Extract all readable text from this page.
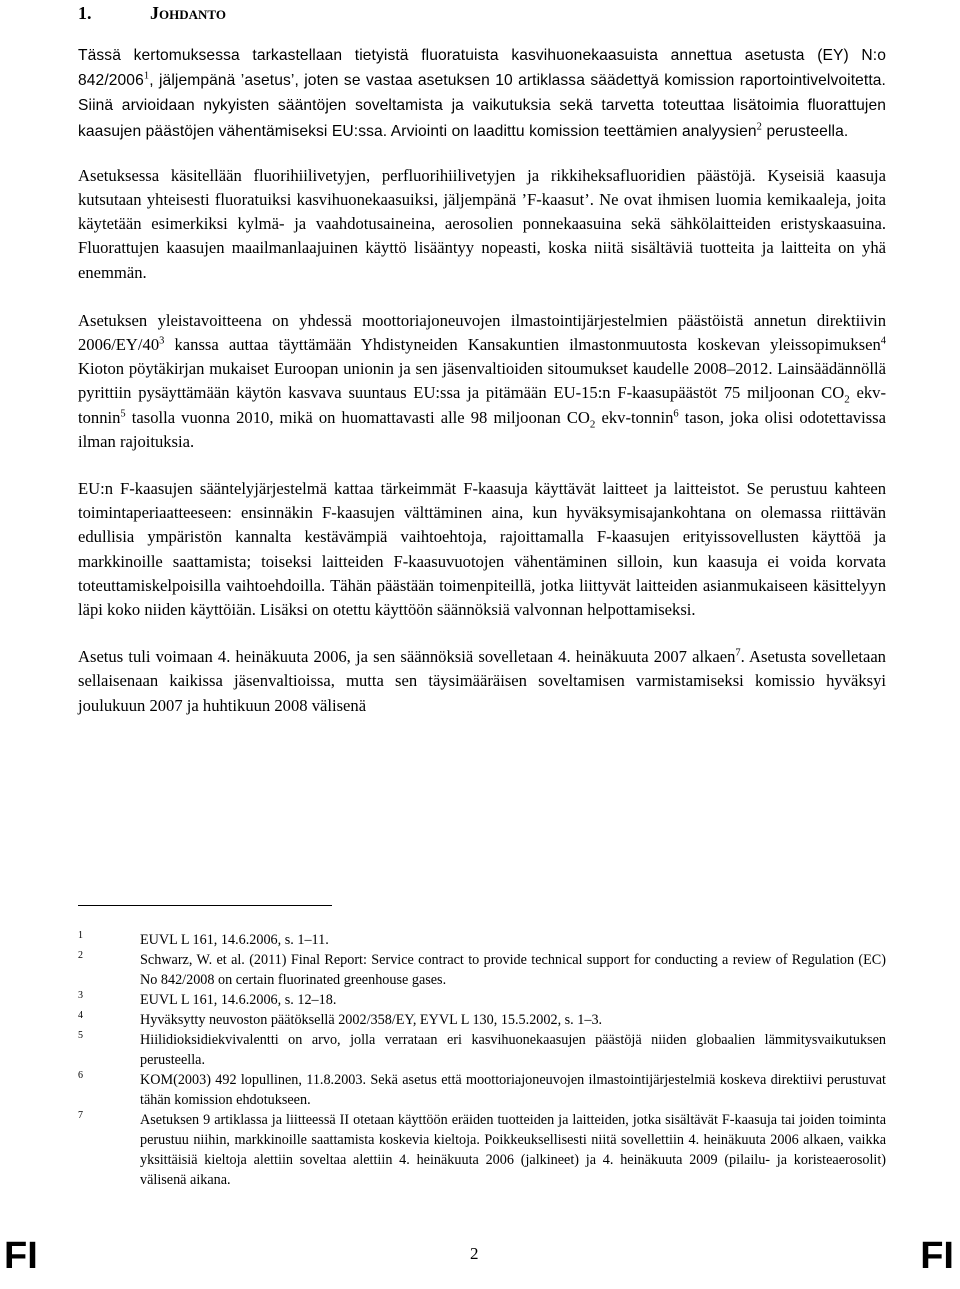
1.	Johdanto

Tässä kertomuksessa tarkastellaan tietyistä fluoratuista kasvihuonekaasuista annettua asetusta (EY) N:o 842/2006$^1$, jäljempänä ’asetus’, joten se vastaa asetuksen 10 artiklassa säädettyä komission raportointivelvoitetta. Siinä arvioidaan nykyisten sääntöjen soveltamista ja vaikutuksia sekä tarvetta toteuttaa lisätoimia fluorattujen kaasujen päästöjen vähentämiseksi EU:ssa. Arviointi on laadittu komission teettämien analyysien$^2$ perusteella.

Asetuksessa käsitellään fluorihiilivetyjen, perfluorihiilivetyjen ja rikkiheksafluoridien päästöjä. Kyseisiä kaasuja kutsutaan yhteisesti fluoratuiksi kasvihuonekaasuiksi, jäljempänä ’F-kaasut’. Ne ovat ihmisen luomia kemikaaleja, joita käytetään esimerkiksi kylmä- ja vaahdotusaineina, aerosolien ponnekaasuina sekä sähkölaitteiden eristyskaasuina. Fluorattujen kaasujen maailmanlaajuinen käyttö lisääntyy nopeasti, koska niitä sisältäviä tuotteita ja laitteita on yhä enemmän.

Asetuksen yleistavoitteena on yhdessä moottoriajoneuvojen ilmastointijärjestelmien päästöistä annetun direktiivin $2006/EY/40^3$ kanssa auttaa täyttämään Yhdistyneiden Kansakuntien ilmastonmuutosta koskevan yleissopimuksen$^4$ Kioton pöytäkirjan mukaiset Euroopan unionin ja sen jäsenvaltioiden sitoumukset kaudelle 2008–2012. Lainsäädännöllä pyrittiin pysäyttämään käytön kasvava suuntaus EU:ssa ja pitämään EU-15:n F-kaasupäästöt 75 miljoonan $CO_2$ ekv-tonnin$^5$ tasolla vuonna 2010, mikä on huomattavasti alle 98 miljoonan $CO_2$ ekv-tonnin$^6$ tason, joka olisi odotettavissa ilman rajoituksia.

EU:n F-kaasujen sääntelyjärjestelmä kattaa tärkeimmät F-kaasuja käyttävät laitteet ja laitteistot. Se perustuu kahteen toimintaperiaatteeseen: ensinnäkin F-kaasujen välttäminen aina, kun hyväksymisajankohtana on olemassa riittävän edullisia ympäristön kannalta kestävämpiä vaihtoehtoja, rajoittamalla F-kaasujen erityissovellusten käyttöä ja markkinoille saattamista; toiseksi laitteiden F-kaasuvuotojen vähentäminen silloin, kun kaasuja ei voida korvata toteuttamiskelpoisilla vaihtoehdoilla. Tähän päästään toimenpiteillä, jotka liittyvät laitteiden asianmukaiseen käsittelyyn läpi koko niiden käyttöiän. Lisäksi on otettu käyttöön säännöksiä valvonnan helpottamiseksi.

Asetus tuli voimaan 4. heinäkuuta 2006, ja sen säännöksiä sovelletaan 4. heinäkuuta 2007 alkaen$^7$. Asetusta sovelletaan sellaisenaan kaikissa jäsenvaltioissa, mutta sen täysimääräisen soveltamisen varmistamiseksi komissio hyväksyi joulukuun 2007 ja huhtikuun 2008 välisenä

1	EUVL L 161, 14.6.2006, s. 1–11.
2	Schwarz, W. et al. (2011) Final Report: Service contract to provide technical support for conducting a review of Regulation (EC) No 842/2008 on certain fluorinated greenhouse gases.
3	EUVL L 161, 14.6.2006, s. 12–18.
4	Hyväksytty neuvoston päätöksellä 2002/358/EY, EYVL L 130, 15.5.2002, s. 1–3.
5	Hiilidioksidiekvivalentti on arvo, jolla verrataan eri kasvihuonekaasujen päästöjä niiden globaalien lämmitysvaikutuksen perusteella.
6	KOM(2003) 492 lopullinen, 11.8.2003. Sekä asetus että moottoriajoneuvojen ilmastointijärjestelmiä koskeva direktiivi perustuvat tähän komission ehdotukseen.
7	Asetuksen 9 artiklassa ja liitteessä II otetaan käyttöön eräiden tuotteiden ja laitteiden, jotka sisältävät F-kaasuja tai joiden toiminta perustuu niihin, markkinoille saattamista koskevia kieltoja. Poikkeuksellisesti niitä sovellettiin 4. heinäkuuta 2006 alkaen, vaikka yksittäisiä kieltoja alettiin soveltaa alettiin 4. heinäkuuta 2006 (jalkineet) ja 4. heinäkuuta 2009 (pilailu- ja koristeaerosolit) välisenä aikana.
FI	2	FI
